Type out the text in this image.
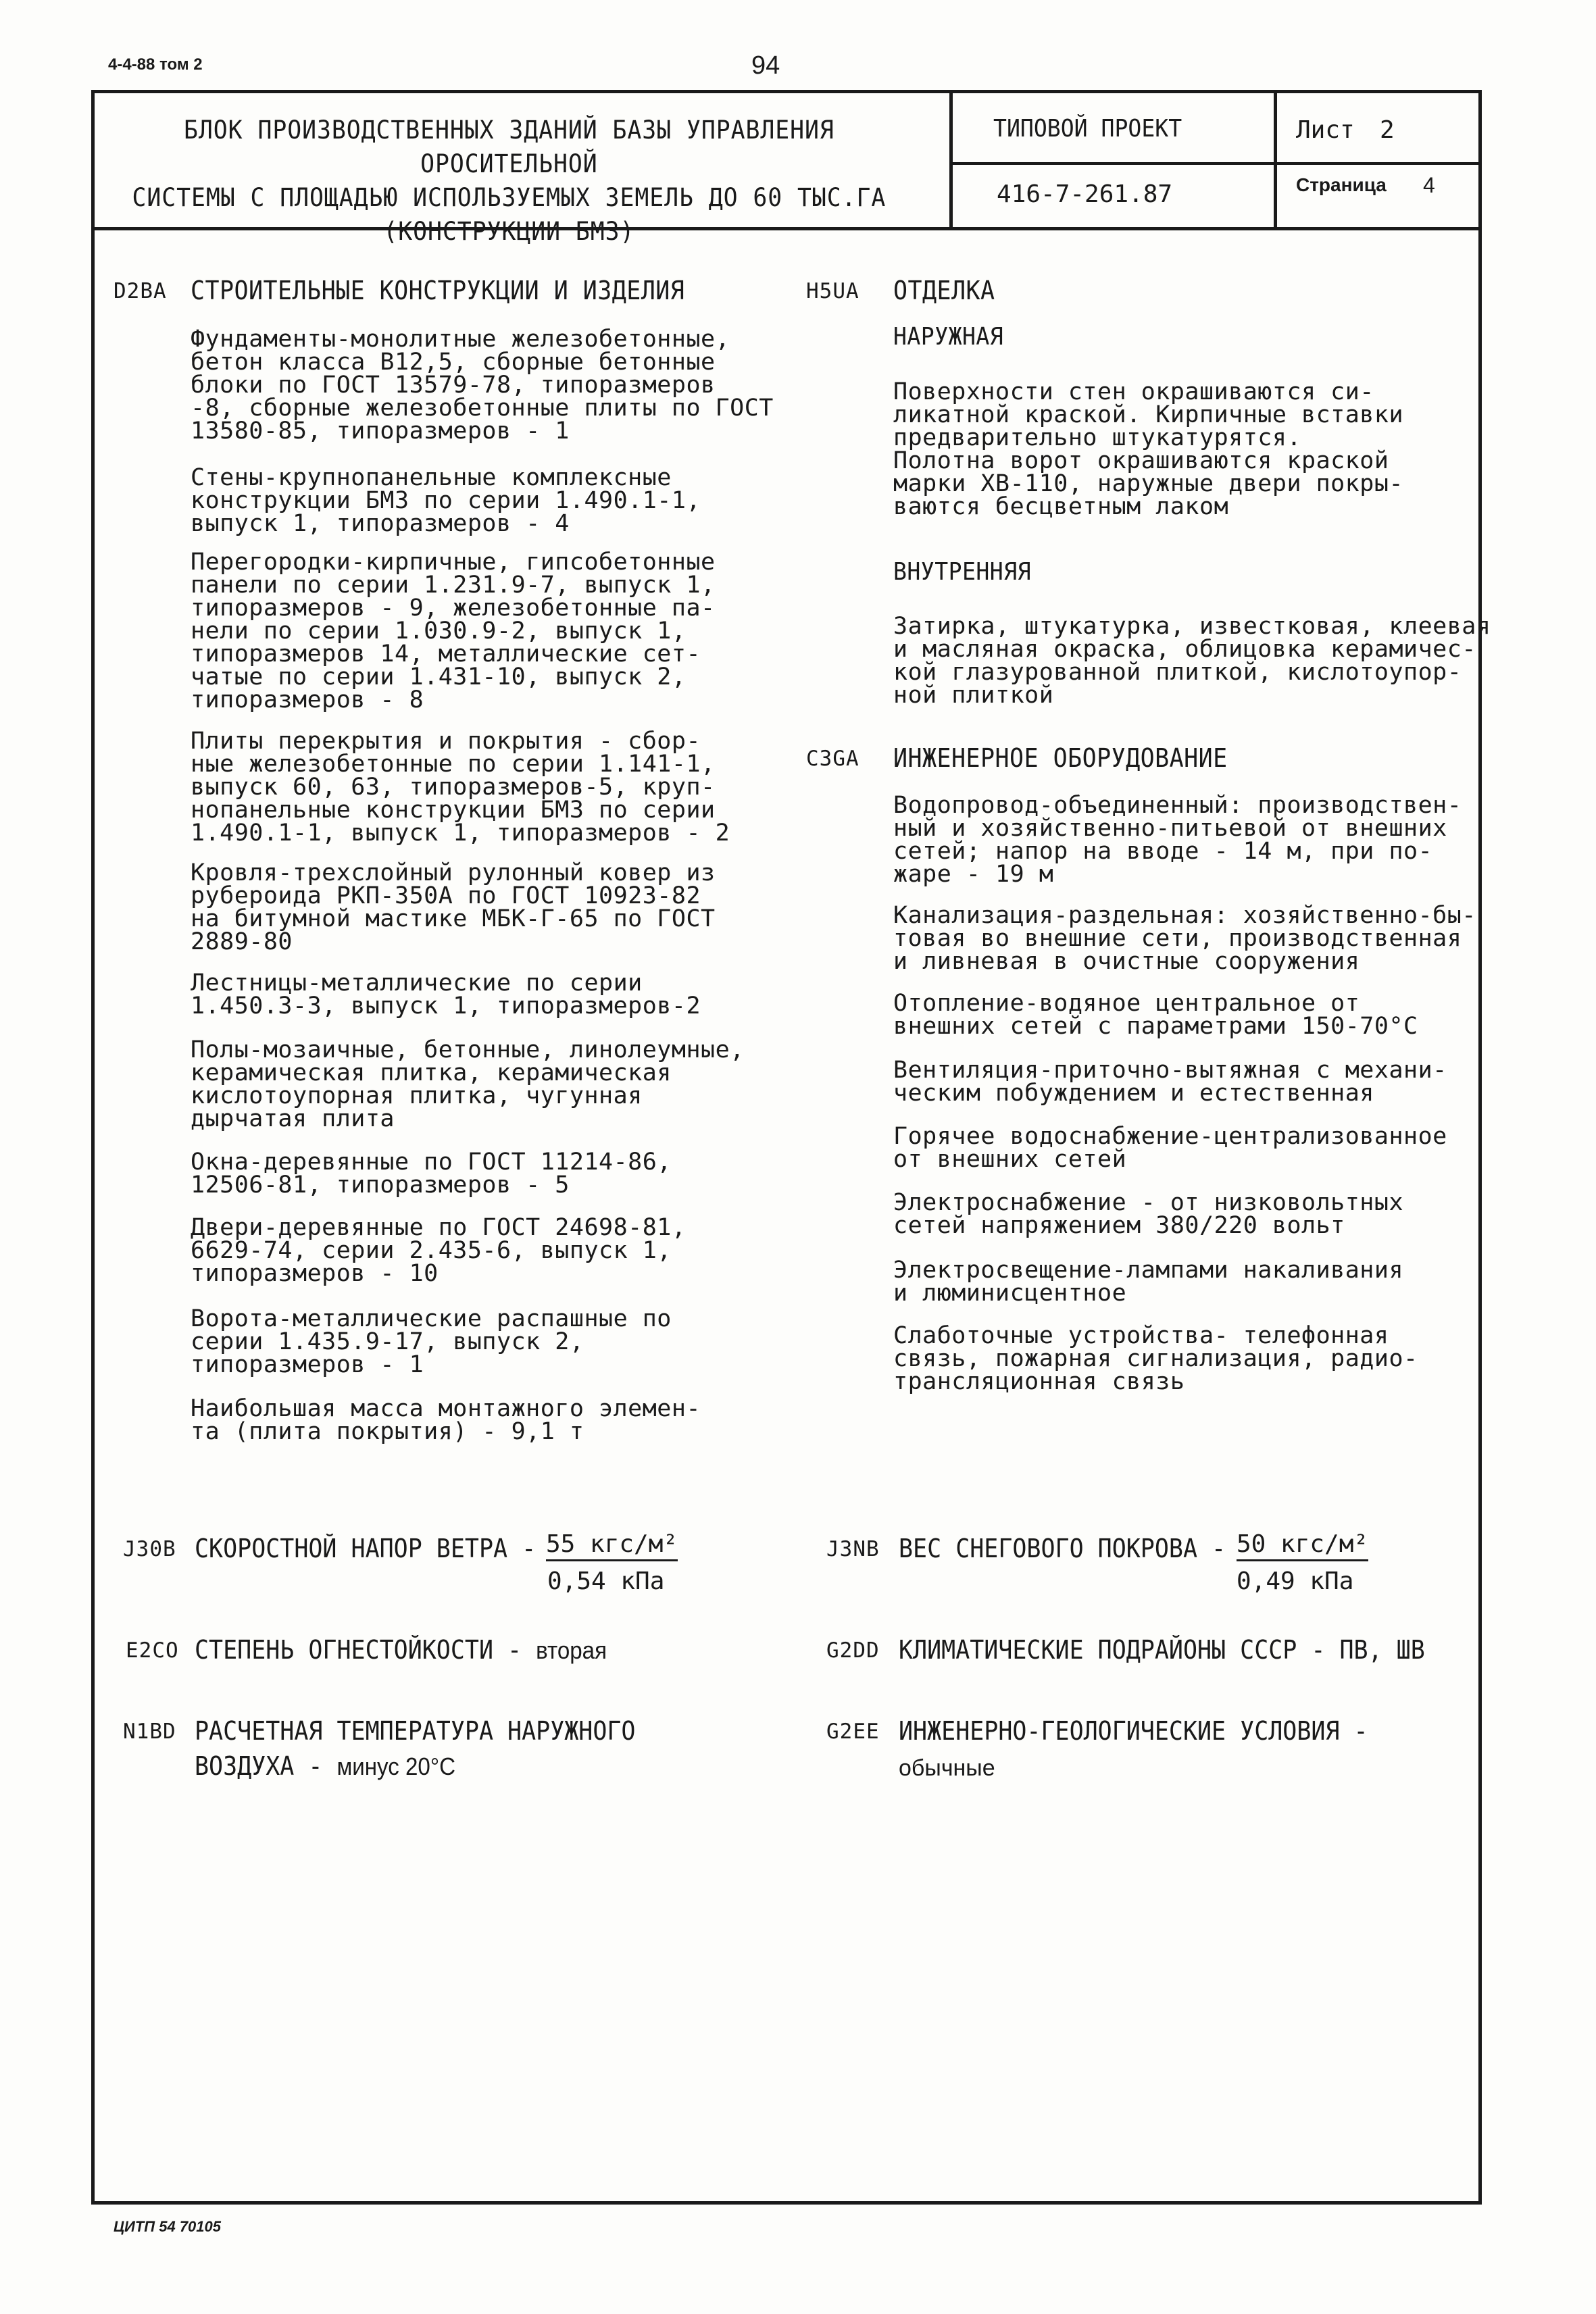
4-4-88 том 2	94
БЛОК ПРОИЗВОДСТВЕННЫХ ЗДАНИЙ БАЗЫ УПРАВЛЕНИЯ ОРОСИТЕЛЬНОЙ
СИСТЕМЫ С ПЛОЩАДЬЮ ИСПОЛЬЗУЕМЫХ ЗЕМЕЛЬ ДО 60 ТЫС.ГА
(КОНСТРУКЦИИ БМЗ)
ТИПОВОЙ ПРОЕКТ
416-7-261.87
Лист 2
Страница 4
D2BA СТРОИТЕЛЬНЫЕ КОНСТРУКЦИИ И ИЗДЕЛИЯ
Фундаменты-монолитные железобетонные,
бетон класса В12,5, сборные бетонные
блоки по ГОСТ 13579-78, типоразмеров
-8, сборные железобетонные плиты по ГОСТ
13580-85, типоразмеров - 1
Стены-крупнопанельные комплексные
конструкции БМЗ по серии 1.490.1-1,
выпуск 1, типоразмеров - 4
Перегородки-кирпичные, гипсобетонные
панели по серии 1.231.9-7, выпуск 1,
типоразмеров - 9, железобетонные па-
нели по серии 1.030.9-2, выпуск 1,
типоразмеров 14, металлические сет-
чатые по серии 1.431-10, выпуск 2,
типоразмеров - 8
Плиты перекрытия и покрытия - сбор-
ные железобетонные по серии 1.141-1,
выпуск 60, 63, типоразмеров-5, круп-
нопанельные конструкции БМЗ по серии
1.490.1-1, выпуск 1, типоразмеров - 2
Кровля-трехслойный рулонный ковер из
рубероида РКП-350А по ГОСТ 10923-82
на битумной мастике МБК-Г-65 по ГОСТ
2889-80
Лестницы-металлические по серии
1.450.3-3, выпуск 1, типоразмеров-2
Полы-мозаичные, бетонные, линолеумные,
керамическая плитка, керамическая
кислотоупорная плитка, чугунная
дырчатая плита
Окна-деревянные по ГОСТ 11214-86,
12506-81, типоразмеров - 5
Двери-деревянные по ГОСТ 24698-81,
6629-74, серии 2.435-6, выпуск 1,
типоразмеров - 10
Ворота-металлические распашные по
серии 1.435.9-17, выпуск 2,
типоразмеров - 1
Наибольшая масса монтажного элемен-
та (плита покрытия) - 9,1 т
H5UA ОТДЕЛКА
НАРУЖНАЯ
Поверхности стен окрашиваются си-
ликатной краской. Кирпичные вставки
предварительно штукатурятся.
Полотна ворот окрашиваются краской
марки ХВ-110, наружные двери покры-
ваются бесцветным лаком
ВНУТРЕННЯЯ
Затирка, штукатурка, известковая, клеевая
и масляная окраска, облицовка керамичес-
кой глазурованной плиткой, кислотоупор-
ной плиткой
C3GA ИНЖЕНЕРНОЕ ОБОРУДОВАНИЕ
Водопровод-объединенный: производствен-
ный и хозяйственно-питьевой от внешних
сетей; напор на вводе - 14 м, при по-
жаре - 19 м
Канализация-раздельная: хозяйственно-бы-
товая во внешние сети, производственная
и ливневая в очистные сооружения
Отопление-водяное центральное от
внешних сетей с параметрами 150-70°С
Вентиляция-приточно-вытяжная с механи-
ческим побуждением и естественная
Горячее водоснабжение-централизованное
от внешних сетей
Электроснабжение - от низковольтных
сетей напряжением 380/220 вольт
Электросвещение-лампами накаливания
и люминисцентное
Слаботочные устройства- телефонная
связь, пожарная сигнализация, радио-
трансляционная связь
J30B СКОРОСТНОЙ НАПОР ВЕТРА - 55 кгс/м²
0,54 кПа
J3NB ВЕС СНЕГОВОГО ПОКРОВА - 50 кгс/м²
0,49 кПа
E2CO СТЕПЕНЬ ОГНЕСТОЙКОСТИ - вторая	G2DD КЛИМАТИЧЕСКИЕ ПОДРАЙОНЫ СССР - ПВ, ШВ
N1BD РАСЧЕТНАЯ ТЕМПЕРАТУРА НАРУЖНОГО
ВОЗДУХА - минус 20°С
G2EE ИНЖЕНЕРНО-ГЕОЛОГИЧЕСКИЕ УСЛОВИЯ -
обычные
ЦИТП 54 70105
